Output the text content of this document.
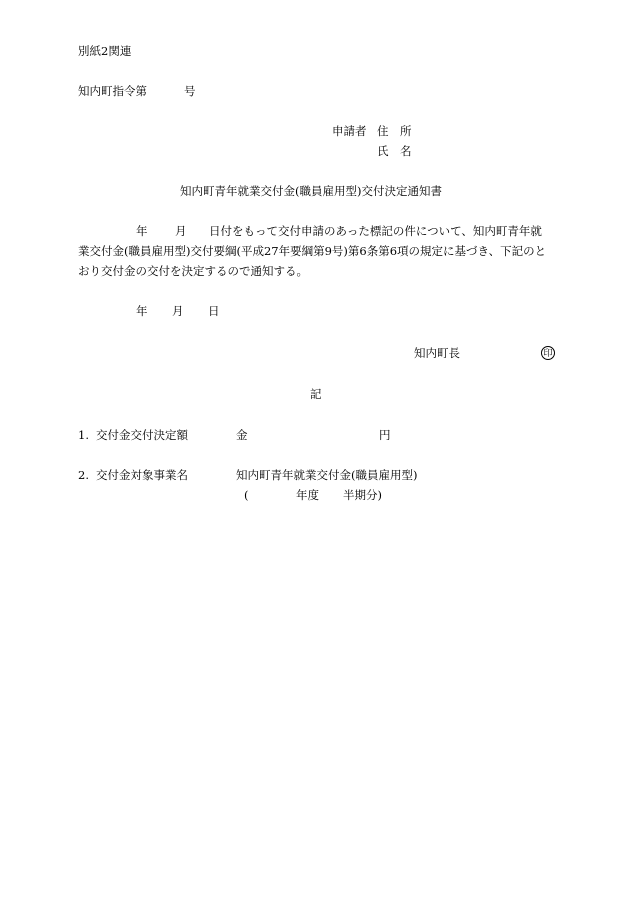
別紙2関連
知内町指令第	号
申請者 住　所
氏　名
知内町青年就業交付金(職員雇用型)交付決定通知書
年 月 日付をもって交付申請のあった標記の件について、知内町青年就
業交付金(職員雇用型)交付要綱(平成27年要綱第9号)第6条第6項の規定に基づき、下記のと
おり交付金の交付を決定するので通知する。
年 月 日
知内町長	印
記
1. 交付金交付決定額	金	円
2. 交付金対象事業名	知内町青年就業交付金(職員雇用型)
(	年度 半期分)
